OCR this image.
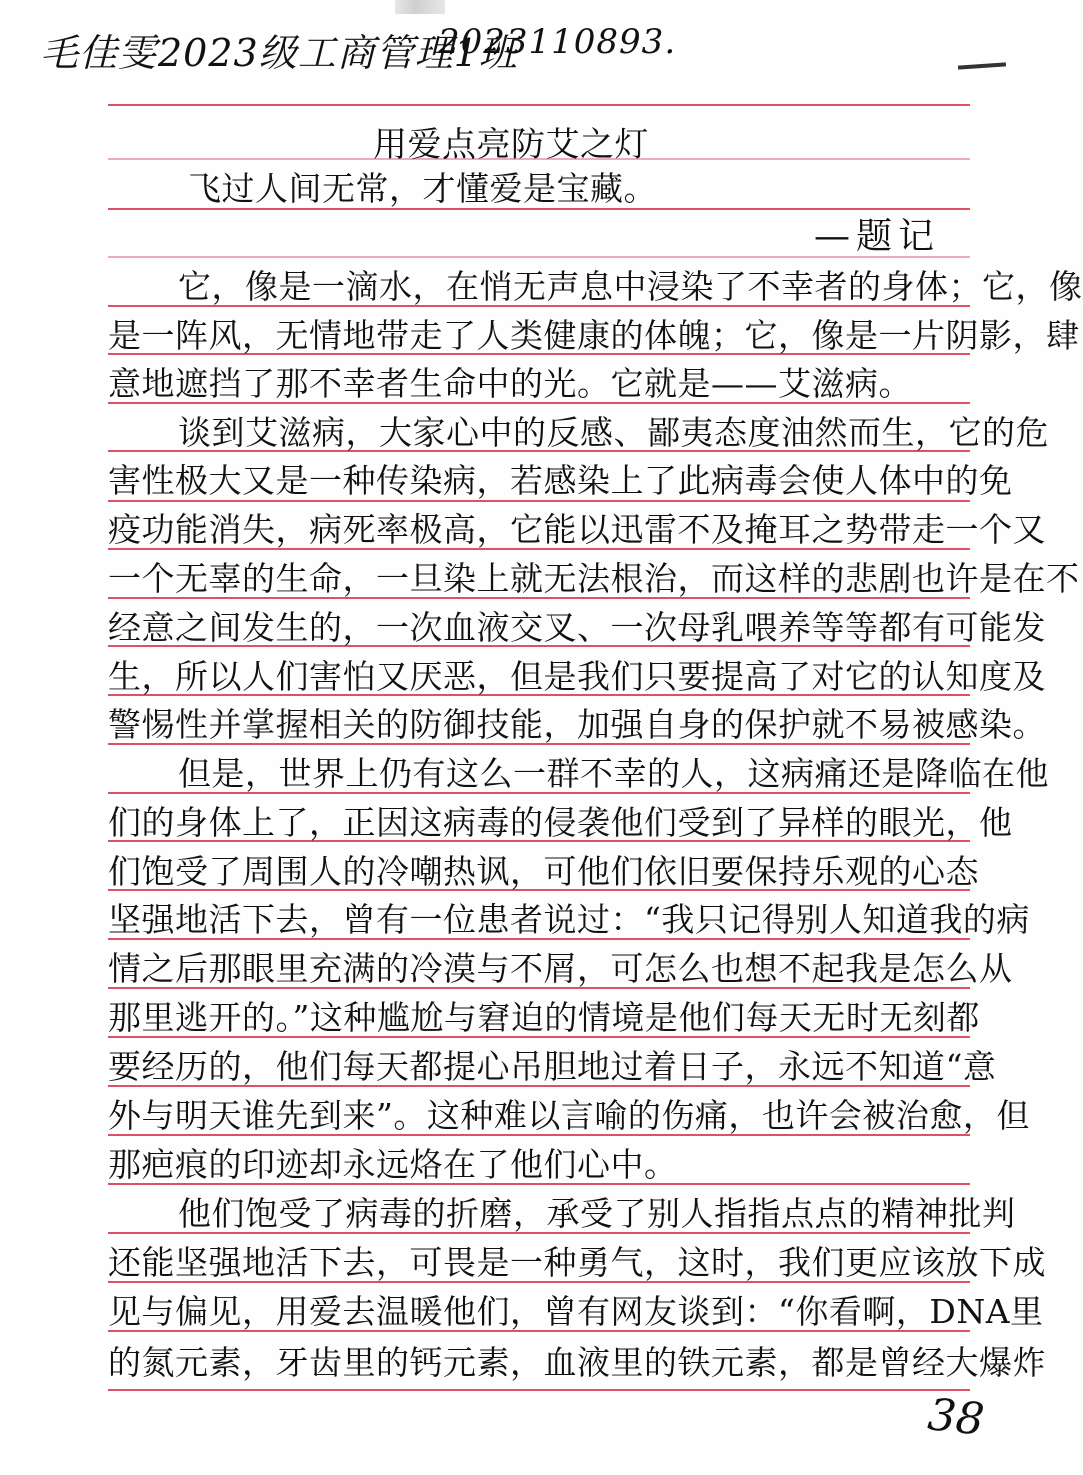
毛佳雯 2023级工商管理1班
2023110893.
用爱点亮防艾之灯
飞过人间无常，才懂爱是宝藏。
—题记
它，像是一滴水，在悄无声息中浸染了不幸者的身体；它，像
是一阵风，无情地带走了人类健康的体魄；它，像是一片阴影，肆
意地遮挡了那不幸者生命中的光。它就是——艾滋病。
谈到艾滋病，大家心中的反感、鄙夷态度油然而生，它的危
害性极大又是一种传染病，若感染上了此病毒会使人体中的免
疫功能消失，病死率极高，它能以迅雷不及掩耳之势带走一个又
一个无辜的生命，一旦染上就无法根治，而这样的悲剧也许是在不
经意之间发生的，一次血液交叉、一次母乳喂养等等都有可能发
生，所以人们害怕又厌恶，但是我们只要提高了对它的认知度及
警惕性并掌握相关的防御技能，加强自身的保护就不易被感染。
但是，世界上仍有这么一群不幸的人，这病痛还是降临在他
们的身体上了，正因这病毒的侵袭他们受到了异样的眼光，他
们饱受了周围人的冷嘲热讽，可他们依旧要保持乐观的心态
坚强地活下去，曾有一位患者说过：“我只记得别人知道我的病
情之后那眼里充满的冷漠与不屑，可怎么也想不起我是怎么从
那里逃开的。”这种尴尬与窘迫的情境是他们每天无时无刻都
要经历的，他们每天都提心吊胆地过着日子，永远不知道“意
外与明天谁先到来”。这种难以言喻的伤痛，也许会被治愈，但
那疤痕的印迹却永远烙在了他们心中。
他们饱受了病毒的折磨，承受了别人指指点点的精神批判
还能坚强地活下去，可畏是一种勇气，这时，我们更应该放下成
见与偏见，用爱去温暖他们，曾有网友谈到：“你看啊，DNA里
的氮元素，牙齿里的钙元素，血液里的铁元素，都是曾经大爆炸
38
